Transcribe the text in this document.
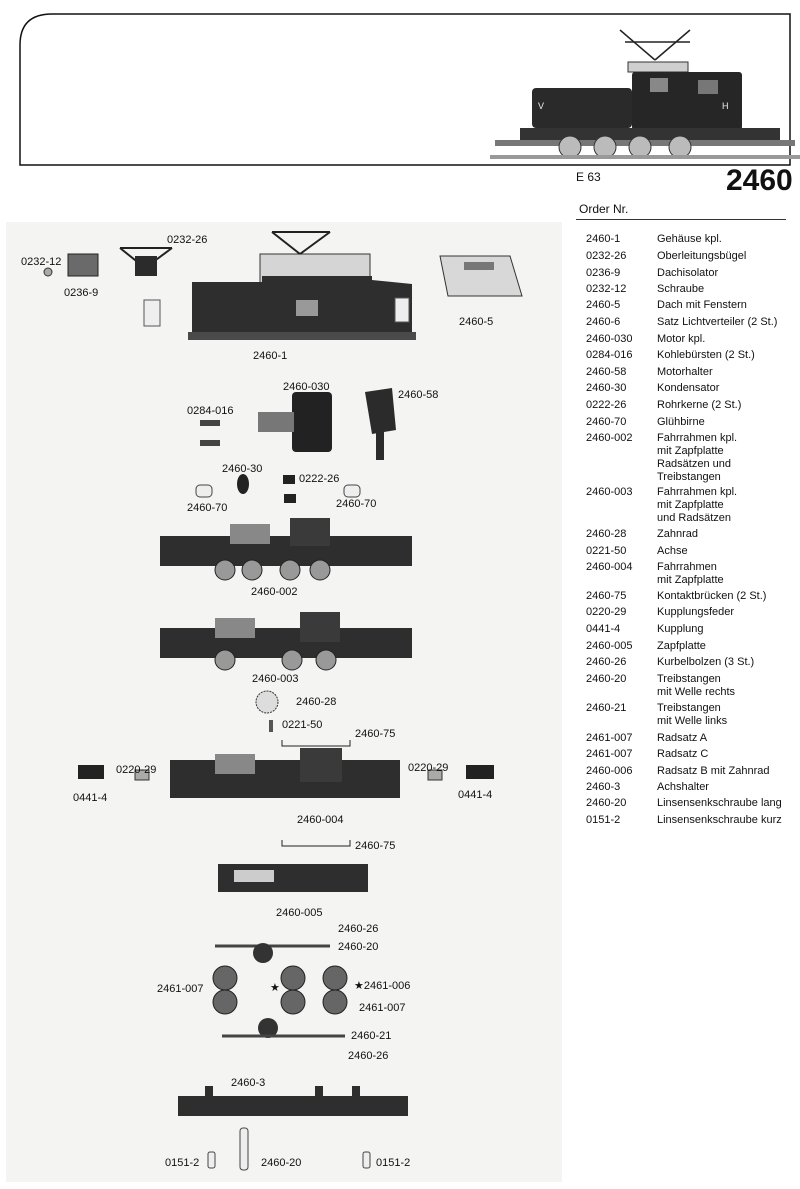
V	H
E 63	2460
Order Nr.
2460-1	Gehäuse kpl.
0232-26	Oberleitungsbügel
0236-9	Dachisolator
0232-12	Schraube
2460-5	Dach mit Fenstern
2460-6	Satz Lichtverteiler (2 St.)
2460-030	Motor kpl.
0284-016	Kohlebürsten (2 St.)
2460-58	Motorhalter
2460-30	Kondensator
0222-26	Rohrkerne (2 St.)
2460-70	Glühbirne
2460-002	Fahrrahmen kpl.
mit Zapfplatte
Radsätzen und
Treibstangen
2460-003	Fahrrahmen kpl.
mit Zapfplatte
und Radsätzen
2460-28	Zahnrad
0221-50	Achse
2460-004	Fahrrahmen
mit Zapfplatte
2460-75	Kontaktbrücken (2 St.)
0220-29	Kupplungsfeder
0441-4	Kupplung
2460-005	Zapfplatte
2460-26	Kurbelbolzen (3 St.)
2460-20	Treibstangen
mit Welle rechts
2460-21	Treibstangen
mit Welle links
2461-007	Radsatz A
2461-007	Radsatz C
2460-006	Radsatz B mit Zahnrad
2460-3	Achshalter
2460-20	Linsensenkschraube lang
0151-2	Linsensenkschraube kurz
0232-12
0232-26
0236-9
2460-5
2460-1
2460-030
2460-58
0284-016
2460-30
0222-26
2460-70	2460-70
2460-002
2460-003
2460-28
0221-50
2460-75
0220-29	0220-29
0441-4	0441-4
2460-004
2460-75
2460-005
2460-26
2460-20
2461-007	★	★2461-006
2461-007
2460-21
2460-26
2460-3
0151-2	2460-20	0151-2
